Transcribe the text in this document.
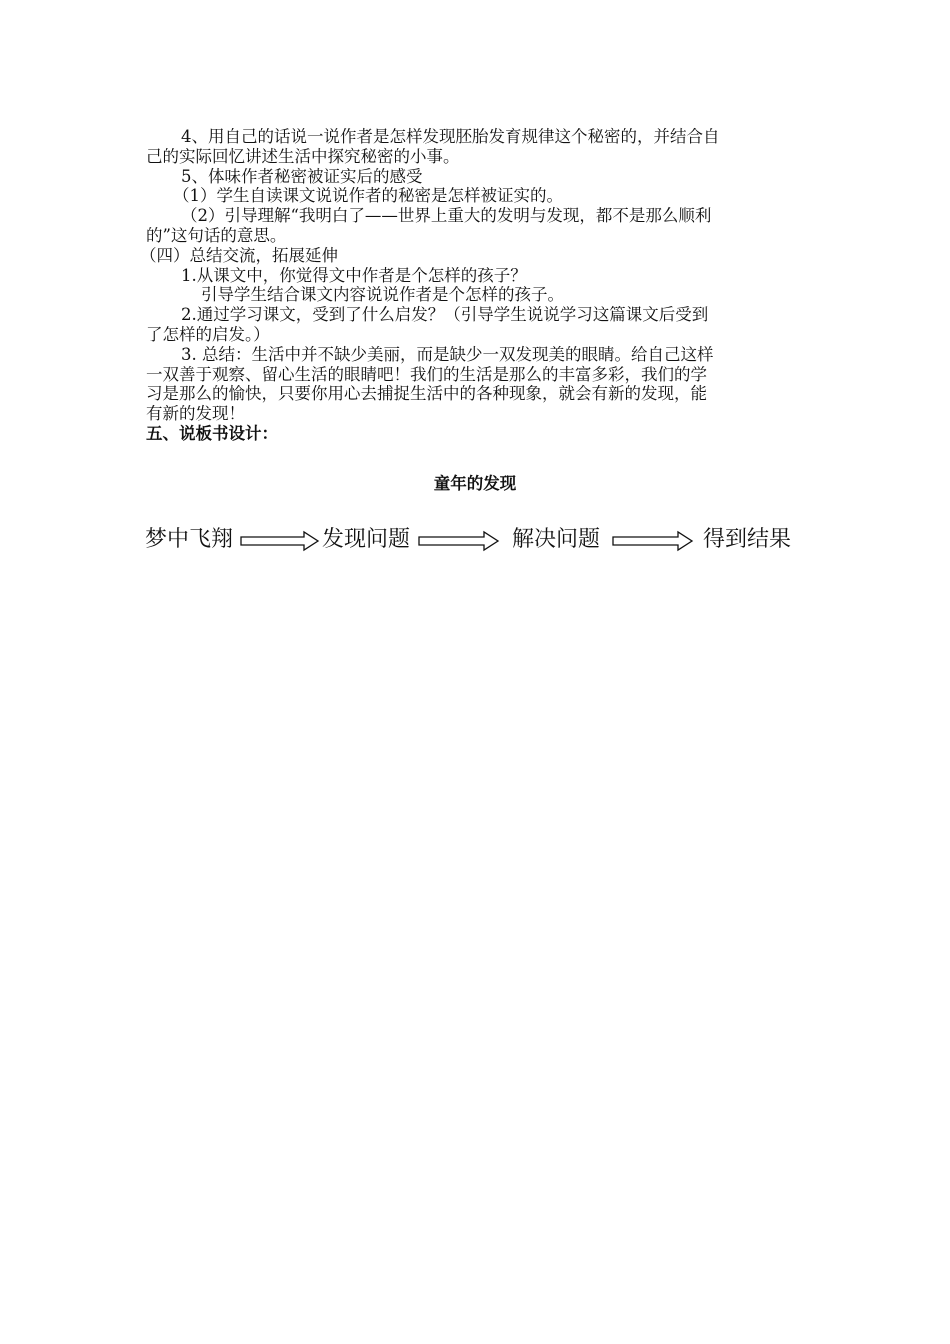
4、用自己的话说一说作者是怎样发现胚胎发育规律这个秘密的，并结合自
己的实际回忆讲述生活中探究秘密的小事。
5、体味作者秘密被证实后的感受
（1）学生自读课文说说作者的秘密是怎样被证实的。
（2）引导理解“我明白了——世界上重大的发明与发现，都不是那么顺利
的”这句话的意思。
（四）总结交流，拓展延伸
1.从课文中，你觉得文中作者是个怎样的孩子？
引导学生结合课文内容说说作者是个怎样的孩子。
2.通过学习课文，受到了什么启发？（引导学生说说学习这篇课文后受到
了怎样的启发。）
3. 总结：生活中并不缺少美丽，而是缺少一双发现美的眼睛。给自己这样
一双善于观察、留心生活的眼睛吧！我们的生活是那么的丰富多彩，我们的学
习是那么的愉快，只要你用心去捕捉生活中的各种现象，就会有新的发现，能
有新的发现！
五、说板书设计：
童年的发现
梦中飞翔	发现问题	解决问题	得到结果
